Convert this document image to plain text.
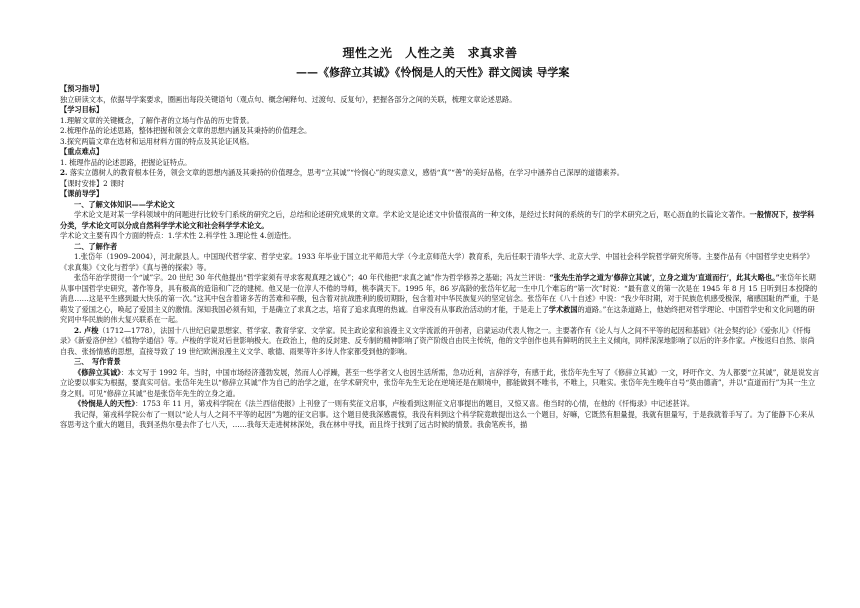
理性之光　人性之美　求真求善
——《修辞立其诚》《怜悯是人的天性》群文阅读 导学案

【预习指导】

独立研读文本，依据导学案要求，圈画出每段关键语句（观点句、概念阐释句、过渡句、反复句），把握各部分之间的关联，梳理文章论述思路。

【学习目标】

1.理解文章的关键概念，了解作者的立场与作品的历史背景。

2.梳理作品的论述思路，整体把握和领会文章的思想内涵及其秉持的价值理念。

3.探究两篇文章在选材和运用材料方面的特点及其论证风格。

【重点难点】

1. 梳理作品的论述思路，把握论证特点。

2. 落实立德树人的教育根本任务，领会文章的思想内涵及其秉持的价值理念，思考“立其诚”“怜悯心”的现实意义，感悟“真”“善”的美好品格，在学习中涵养自己深厚的道德素养。

【课时安排】2 课时

【课前导学】

一、了解文体知识——学术论文

学术论文是对某一学科领域中的问题进行比较专门系统的研究之后，总结和论述研究成果的文章。学术论文是论述文中价值很高的一种文体，是经过长时间的系统的专门的学术研究之后，呕心沥血的长篇论文著作。一般情况下，按学科分类，学术论文可以分成自然科学学术论文和社会科学学术论文。

学术论文主要有四个方面的特点：1.学术性 2.科学性 3.理论性 4.创造性。

二、了解作者

1.张岱年（1909–2004），河北献县人。中国现代哲学家、哲学史家。1933 年毕业于国立北平师范大学（今北京师范大学）教育系，先后任职于清华大学、北京大学、中国社会科学院哲学研究所等。主要作品有《中国哲学史史料学》《求真集》《文化与哲学》《真与善的探索》等。

张岱年治学贯彻一个“诚”字。20 世纪 30 年代他提出“哲学家须有寻求客观真理之诚心”；40 年代他把“求真之诚”作为哲学修养之基础；冯友兰评说：“张先生治学之道为‘修辞立其诚’，立身之道为‘直道而行’，此其大略也。”张岱年长期从事中国哲学史研究，著作等身，具有极高的造诣和广泛的建树。他又是一位淳人不倦的导师，桃李满天下。1995 年，86 岁高龄的张岱年忆起一生中几个难忘的“第一次”时说：“最有意义的第一次是在 1945 年 8 月 15 日听到日本投降的消息……这是平生感到最大快乐的第一次。”这其中包含着诸多苦的苦难和辛酸，包含着对抗战胜利的殷切期盼，包含着对中华民族复兴的坚定信念。张岱年在《八十自述》中说：“我少年时期，对于民族危机感受极深，痛感国耻的严重，于是萌发了爱国之心，唤起了爱国主义的激情。深知我国必须有知，于是确立了求真之志，培育了追求真理的热诚。自审没有从事政治活动的才能，于是走上了学术救国的道路。”在这条道路上，他始终把对哲学理论、中国哲学史和文化问题的研究同中华民族的伟大复兴联系在一起。

2. 卢梭（1712—1778），法国十八世纪启蒙思想家、哲学家、教育学家、文学家。民主政论家和浪漫主义文学流派的开创者，启蒙运动代表人物之一。主要著作有《论人与人之间不平等的起因和基础》《社会契约论》《爱弥儿》《忏悔录》《新爱洛伊丝》《植物学通信》等。卢梭的学说对后世影响极大。在政治上，他的反封建、反专制的精神影响了资产阶级自由民主传统，他的文学创作也具有鲜明的民主主义倾向，同样深深地影响了以后的许多作家。卢梭返归自然、崇尚自我、张扬情感的思想，直接导致了 19 世纪欧洲浪漫主义文学、歌德、雨果等许多诗人作家都受到他的影响。

三、　写作背景

《修辞立其诚》：本文写于 1992 年。当时，中国市场经济蓬勃发展，然而人心浮躁，甚至一些学者文人也因生活所需，急功近利，言辞浮夸，有感于此，张岱年先生写了《修辞立其诚》一文，呼吁作文、为人都要“立其诚”，就是说发言立论要以事实为根据，要真实可信。张岱年先生以“修辞立其诚”作为自己的治学之道，在学术研究中，张岱年先生无论在逆境还是在顺境中，都能做到不唯书，不唯上，只唯实。张岱年先生晚年自号“莫由德斋”，并以“直道而行”为其一生立身之则。可见“修辞立其诚”也是张岱年先生的立身之道。

《怜悯是人的天性》：1753 年 11 月，第戎科学院在《法兰西信使报》上刊登了一则有奖征文启事，卢梭看到这则征文启事提出的题目，又惊又喜。他当时的心情，在他的《忏悔录》中记述甚详。

我记得，第戎科学院公布了一则以“论人与人之间不平等的起因”为题的征文启事。这个题目使我深感震惊，我没有料到这个科学院竟敢提出这么一个题目，好嘛，它既然有胆量提，我就有胆量写，于是我就着手写了。为了能静下心来从容思考这个重大的题目，我到圣热尔曼去作了七八天，……我每天走进树林深处，我在林中寻找，而且终于找到了远古时候的情景。我俞笔疾书，描
